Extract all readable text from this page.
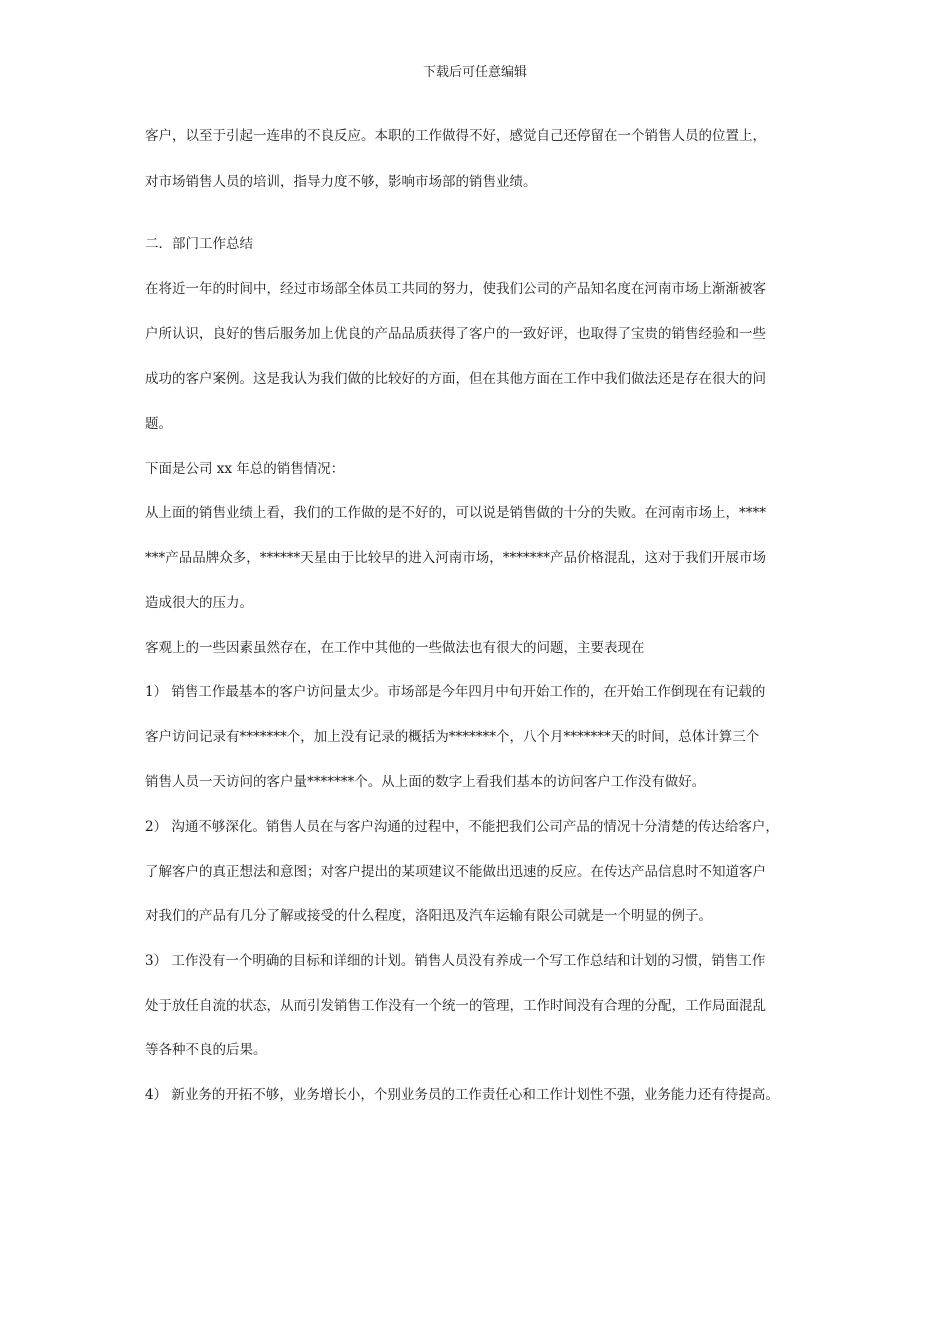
下载后可任意编辑
客户，以至于引起一连串的不良反应。本职的工作做得不好，感觉自己还停留在一个销售人员的位置上，
对市场销售人员的培训，指导力度不够，影响市场部的销售业绩。
二．部门工作总结
在将近一年的时间中，经过市场部全体员工共同的努力，使我们公司的产品知名度在河南市场上渐渐被客
户所认识，良好的售后服务加上优良的产品品质获得了客户的一致好评，也取得了宝贵的销售经验和一些
成功的客户案例。这是我认为我们做的比较好的方面，但在其他方面在工作中我们做法还是存在很大的问
题。
下面是公司 xx 年总的销售情况：
从上面的销售业绩上看，我们的工作做的是不好的，可以说是销售做的十分的失败。在河南市场上，****
***产品品牌众多，******天星由于比较早的进入河南市场，*******产品价格混乱，这对于我们开展市场
造成很大的压力。
客观上的一些因素虽然存在，在工作中其他的一些做法也有很大的问题，主要表现在
1） 销售工作最基本的客户访问量太少。市场部是今年四月中旬开始工作的，在开始工作倒现在有记载的
客户访问记录有*******个，加上没有记录的概括为*******个，八个月*******天的时间，总体计算三个
销售人员一天访问的客户量*******个。从上面的数字上看我们基本的访问客户工作没有做好。
2） 沟通不够深化。销售人员在与客户沟通的过程中，不能把我们公司产品的情况十分清楚的传达给客户，
了解客户的真正想法和意图；对客户提出的某项建议不能做出迅速的反应。在传达产品信息时不知道客户
对我们的产品有几分了解或接受的什么程度，洛阳迅及汽车运输有限公司就是一个明显的例子。
3） 工作没有一个明确的目标和详细的计划。销售人员没有养成一个写工作总结和计划的习惯，销售工作
处于放任自流的状态，从而引发销售工作没有一个统一的管理，工作时间没有合理的分配，工作局面混乱
等各种不良的后果。
4） 新业务的开拓不够，业务增长小，个别业务员的工作责任心和工作计划性不强，业务能力还有待提高。
